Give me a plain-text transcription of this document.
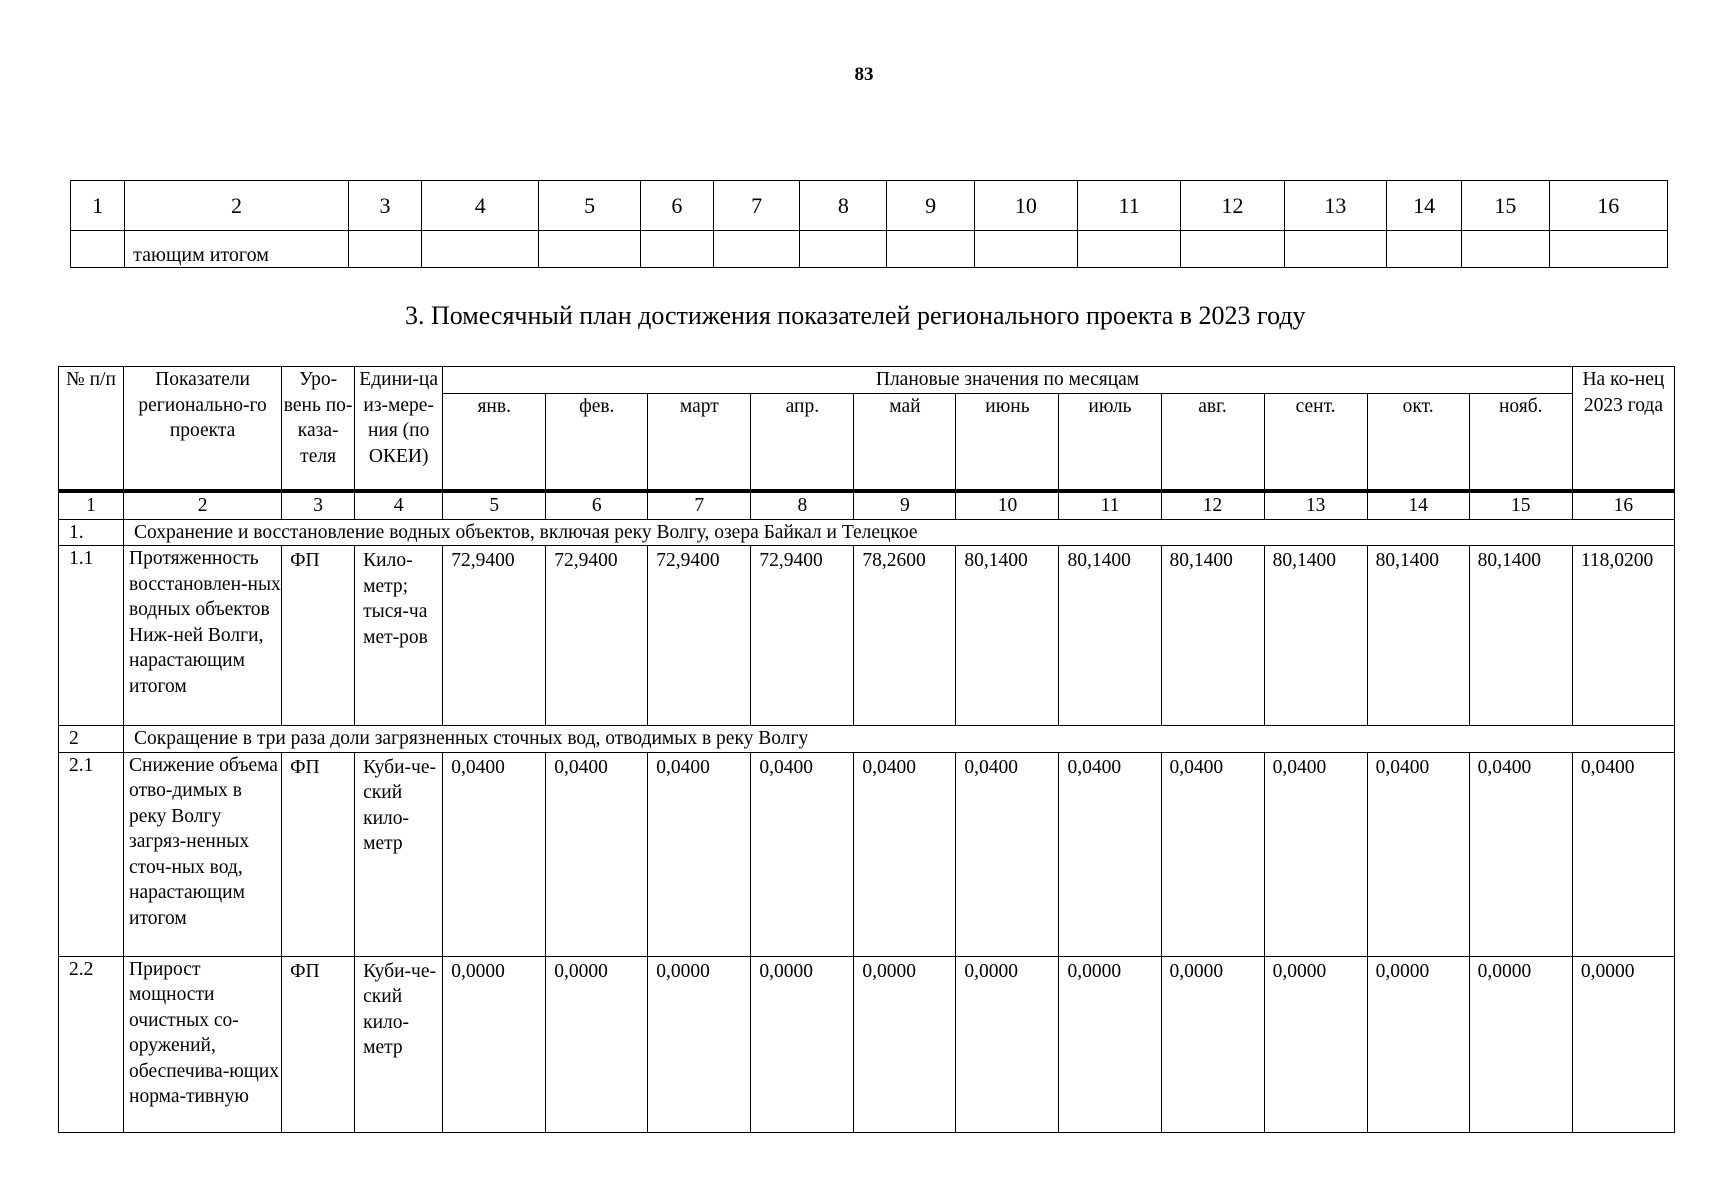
83
1	2	3	4	5	6	7	8	9	10	11	12	13	14	15	16
	тающим итогом														
3. Помесячный план достижения показателей регионального проекта в 2023 году
№ п/п	Показатели регионально-го проекта	Уро-вень по-каза-теля	Едини-ца из-мере-ния (по ОКЕИ)	Плановые значения по месяцам											На ко-нец 2023 года
				янв.	фев.	март	апр.	май	июнь	июль	авг.	сент.	окт.	нояб.	
1	2	3	4	5	6	7	8	9	10	11	12	13	14	15	16
1.	Сохранение и восстановление водных объектов, включая реку Волгу, озера Байкал и Телецкое														
1.1	Протяженность восстановлен-ных водных объектов Ниж-ней Волги, нарастающим итогом	ФП	Кило-метр; тыся-ча мет-ров	72,9400	72,9400	72,9400	72,9400	78,2600	80,1400	80,1400	80,1400	80,1400	80,1400	80,1400	118,0200
2	Сокращение в три раза доли загрязненных сточных вод, отводимых в реку Волгу														
2.1	Снижение объема отво-димых в реку Волгу загряз-ненных сточ-ных вод, нарастающим итогом	ФП	Куби-че-ский кило-метр	0,0400	0,0400	0,0400	0,0400	0,0400	0,0400	0,0400	0,0400	0,0400	0,0400	0,0400	0,0400
2.2	Прирост мощности очистных со-оружений, обеспечива-ющих норма-тивную	ФП	Куби-че-ский кило-метр	0,0000	0,0000	0,0000	0,0000	0,0000	0,0000	0,0000	0,0000	0,0000	0,0000	0,0000	0,0000
